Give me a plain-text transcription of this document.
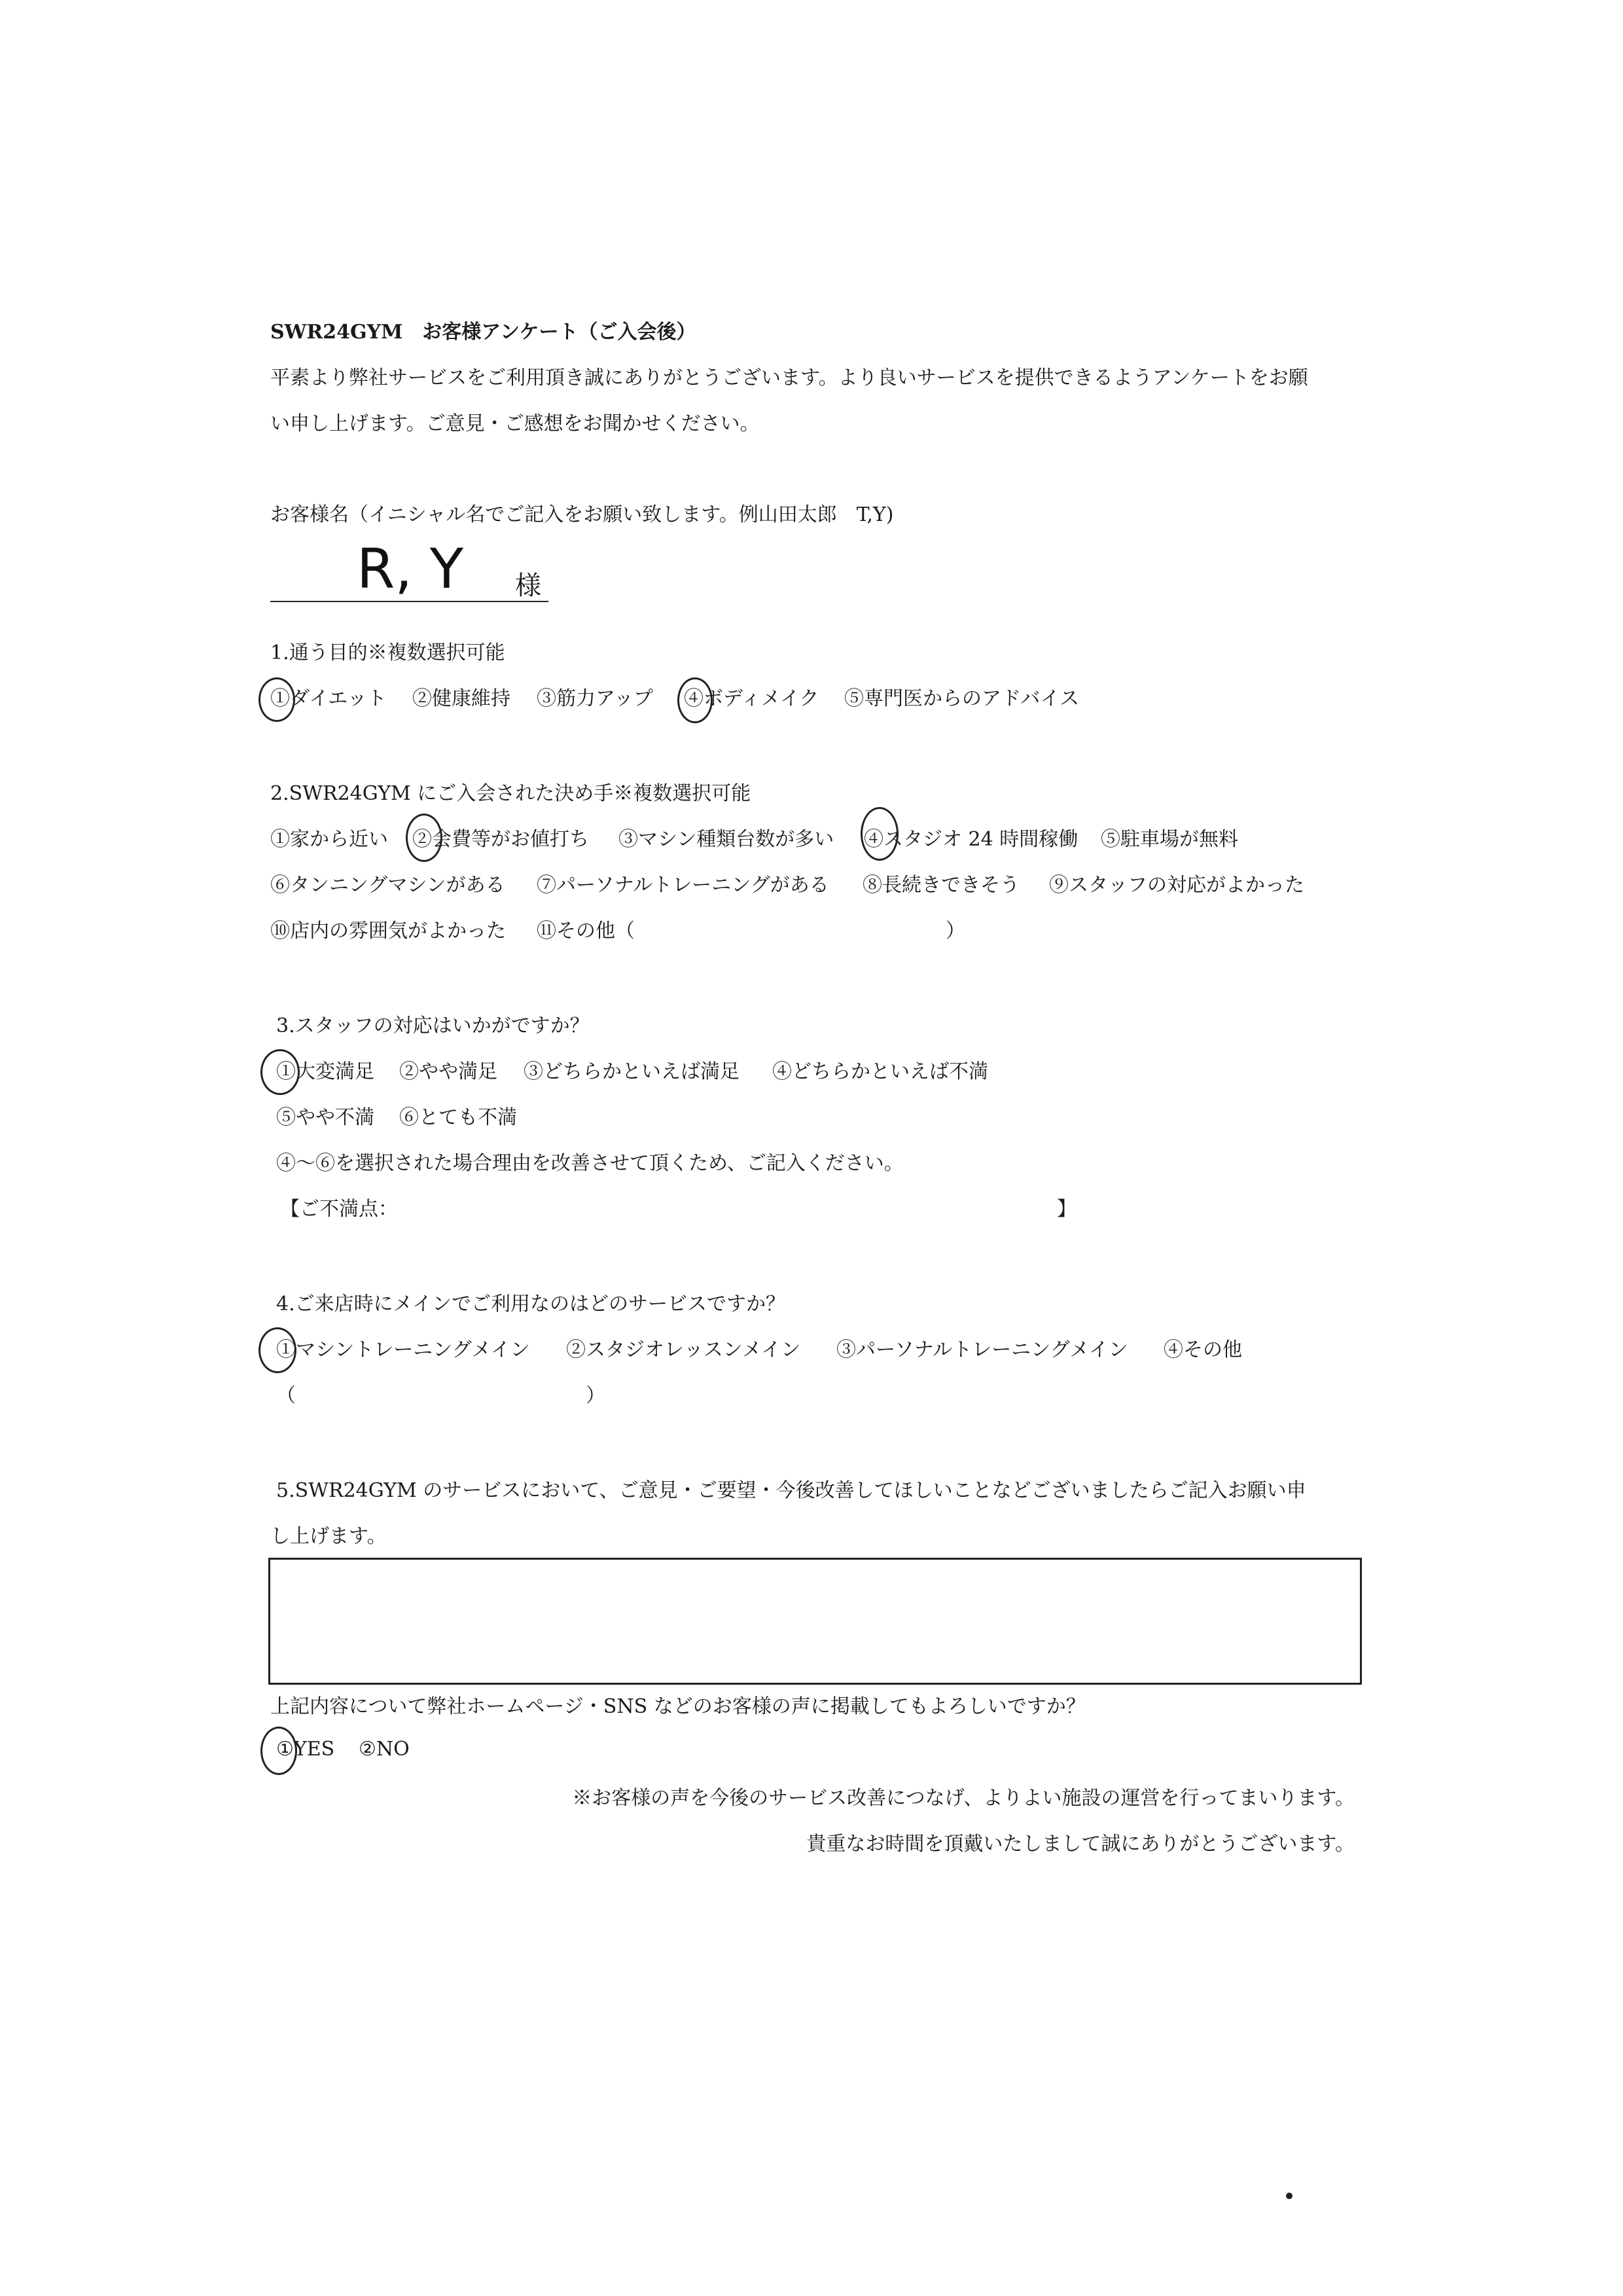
SWR24GYM　お客様アンケート（ご入会後）
平素より弊社サービスをご利用頂き誠にありがとうございます。より良いサービスを提供できるようアンケートをお願
い申し上げます。ご意見・ご感想をお聞かせください。
お客様名（イニシャル名でご記入をお願い致します。例山田太郎　T,Y)
R, Y 様
1.通う目的※複数選択可能
①ダイエット ②健康維持 ③筋力アップ ④ボディメイク ⑤専門医からのアドバイス
2.SWR24GYM にご入会された決め手※複数選択可能
①家から近い ②会費等がお値打ち ③マシン種類台数が多い ④スタジオ 24 時間稼働 ⑤駐車場が無料
⑥タンニングマシンがある ⑦パーソナルトレーニングがある ⑧長続きできそう ⑨スタッフの対応がよかった
⑩店内の雰囲気がよかった ⑪その他（	）
3.スタッフの対応はいかがですか？
①大変満足 ②やや満足 ③どちらかといえば満足 ④どちらかといえば不満
⑤やや不満 ⑥とても不満
④～⑥を選択された場合理由を改善させて頂くため、ご記入ください。
【ご不満点：	】
4.ご来店時にメインでご利用なのはどのサービスですか？
①マシントレーニングメイン ②スタジオレッスンメイン ③パーソナルトレーニングメイン ④その他
（	）
5.SWR24GYM のサービスにおいて、ご意見・ご要望・今後改善してほしいことなどございましたらご記入お願い申
し上げます。
上記内容について弊社ホームページ・SNS などのお客様の声に掲載してもよろしいですか？
①YES ②NO
※お客様の声を今後のサービス改善につなげ、よりよい施設の運営を行ってまいります。
貴重なお時間を頂戴いたしまして誠にありがとうございます。
